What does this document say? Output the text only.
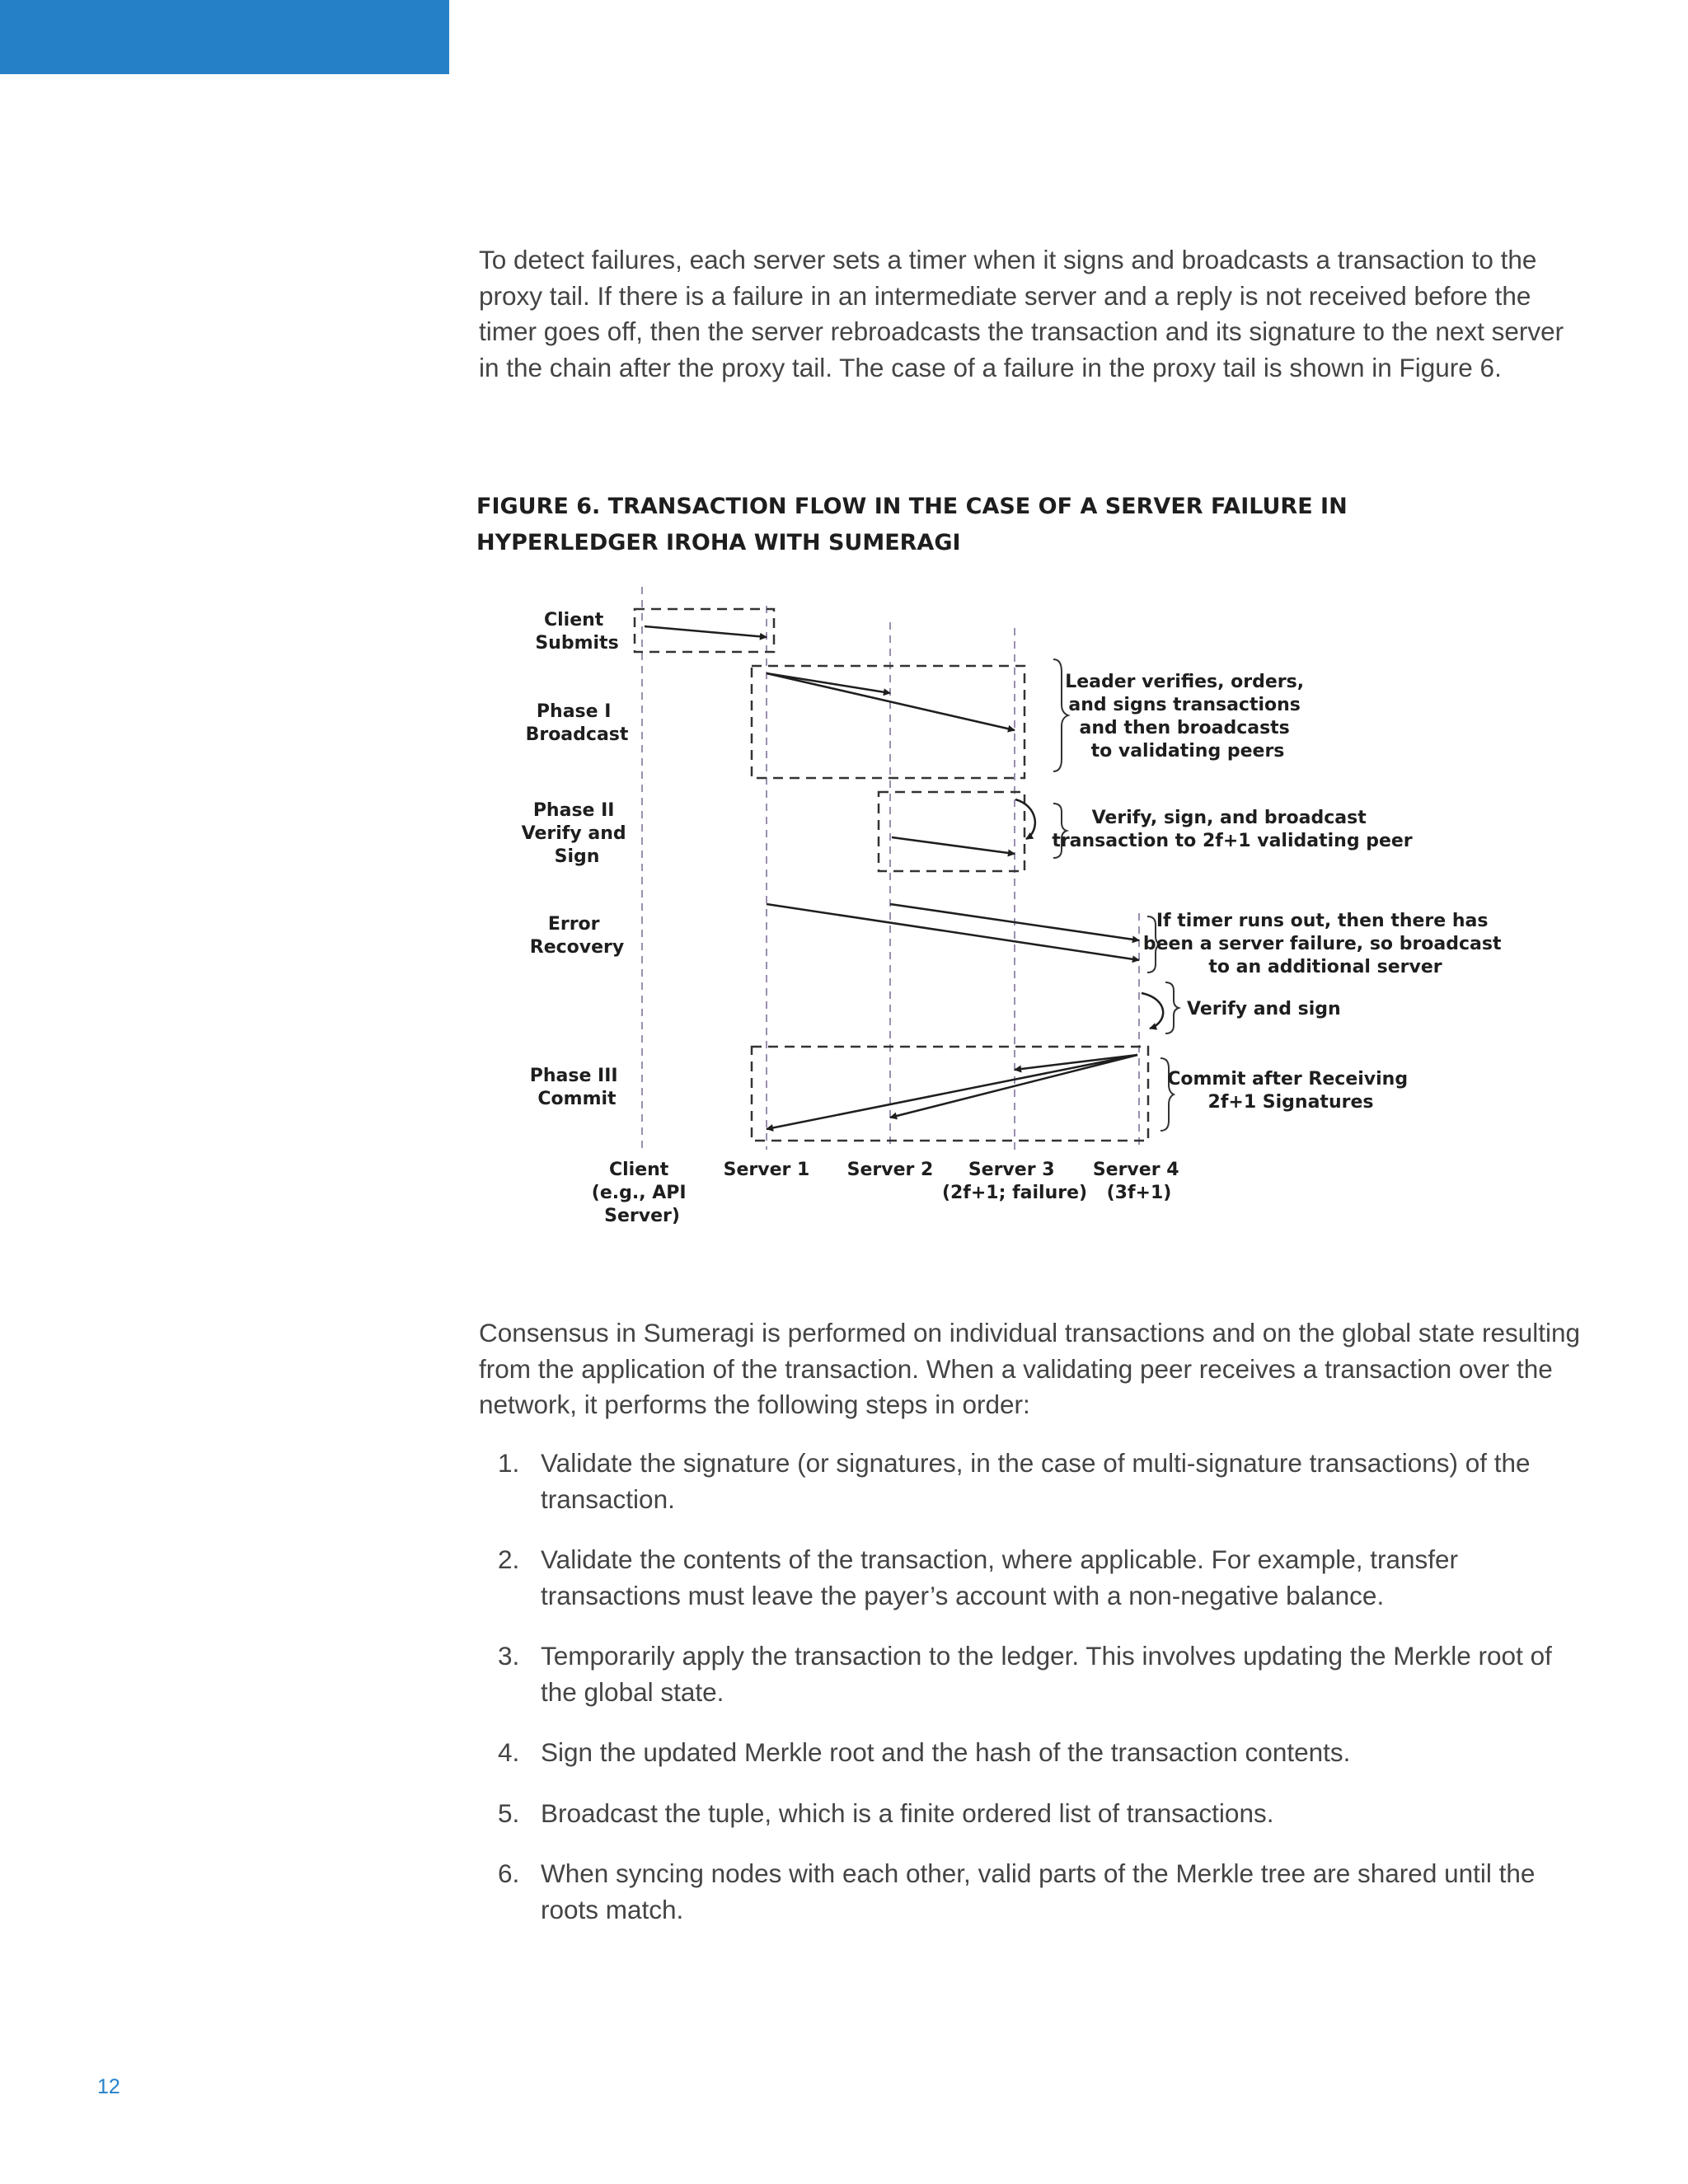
To detect failures, each server sets a timer when it signs and broadcasts a transaction to the proxy tail. If there is a failure in an intermediate server and a reply is not received before the timer goes off, then the server rebroadcasts the transaction and its signature to the next server in the chain after the proxy tail. The case of a failure in the proxy tail is shown in Figure 6.

FIGURE 6. TRANSACTION FLOW IN THE CASE OF A SERVER FAILURE IN
HYPERLEDGER IROHA WITH SUMERAGI
Client Submits
Phase I Broadcast
Phase II Verify and Sign
Error Recovery
Phase III Commit
Leader verifies, orders, and signs transactions and then broadcasts to validating peers
Verify, sign, and broadcast transaction to 2f+1 validating peer
If timer runs out, then there has been a server failure, so broadcast to an additional server
Verify and sign
Commit after Receiving 2f+1 Signatures
Client (e.g., API Server)
Server 1 Server 2	Server 3 (2f+1; failure)
Server 4 (3f+1)

Consensus in Sumeragi is performed on individual transactions and on the global state resulting from the application of the transaction. When a validating peer receives a transaction over the network, it performs the following steps in order:

1. Validate the signature (or signatures, in the case of multi-signature transactions) of the transaction.
2. Validate the contents of the transaction, where applicable. For example, transfer transactions must leave the payer’s account with a non-negative balance.
3. Temporarily apply the transaction to the ledger. This involves updating the Merkle root of the global state.
4. Sign the updated Merkle root and the hash of the transaction contents.
5. Broadcast the tuple, which is a finite ordered list of transactions.
6. When syncing nodes with each other, valid parts of the Merkle tree are shared until the roots match.
12
